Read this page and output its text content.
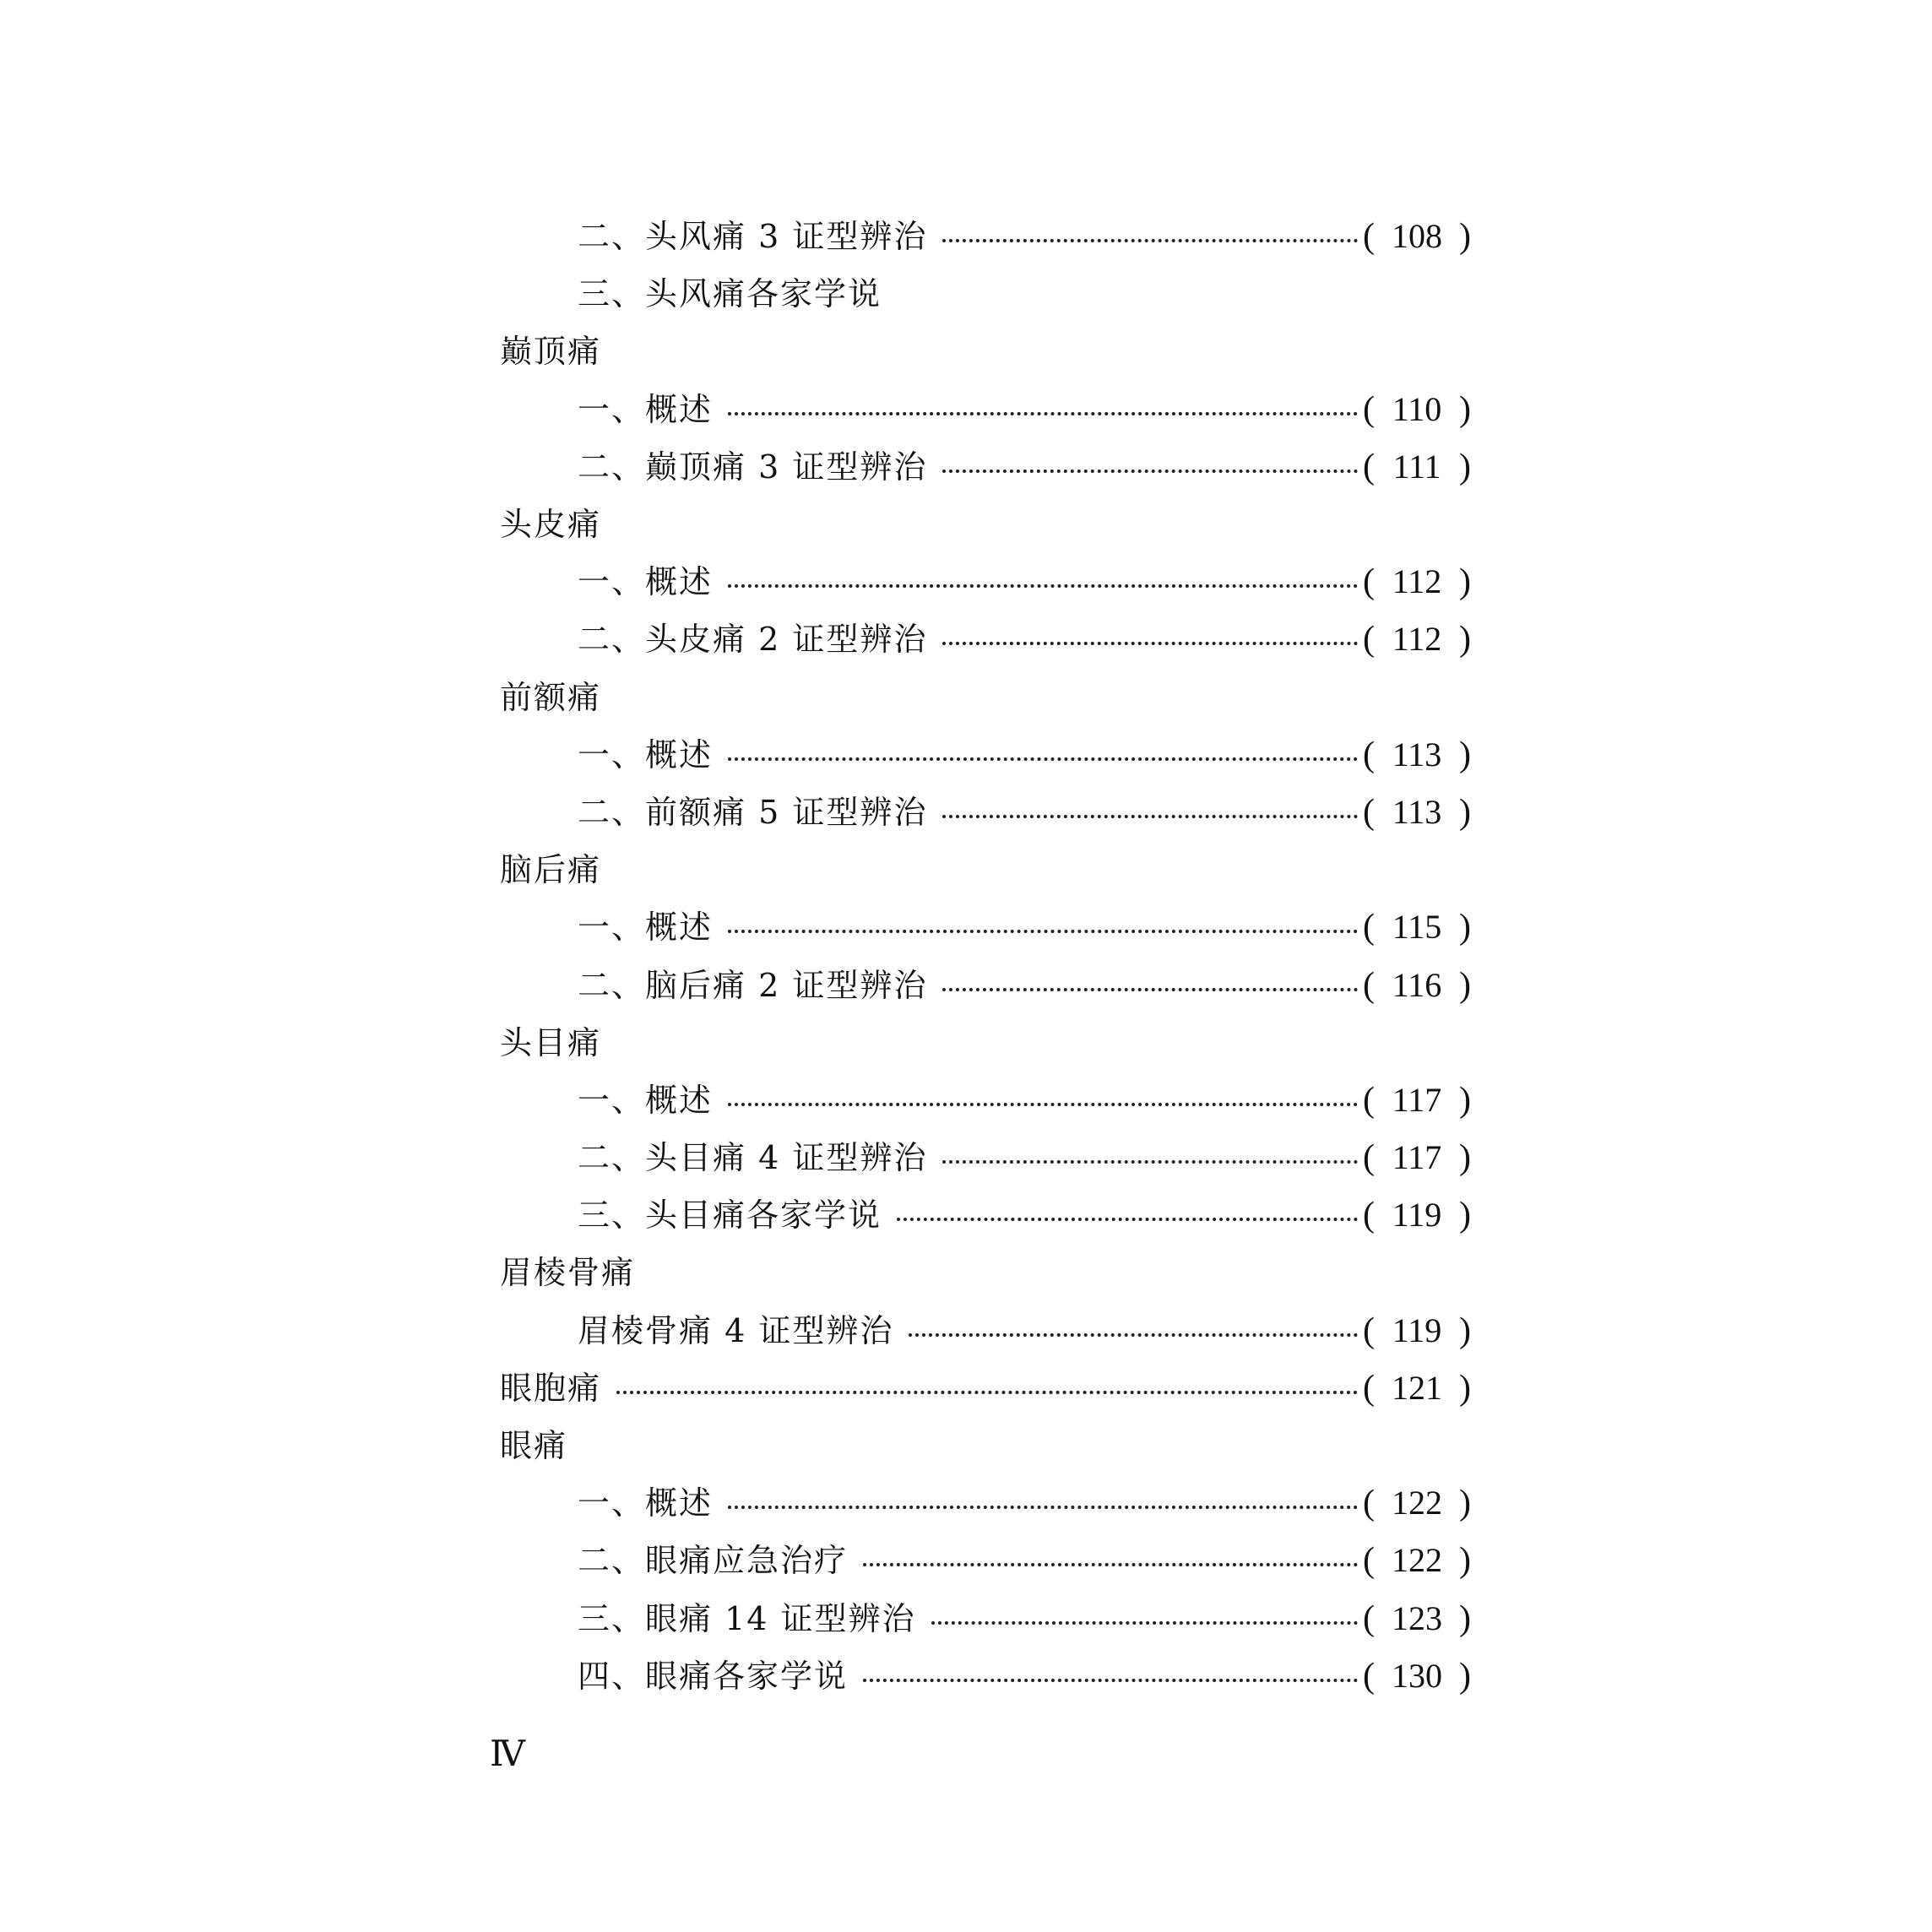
二、头风痛 3 证型辨治	( 108 )
三、头风痛各家学说
巅顶痛
一、概述	( 110 )
二、巅顶痛 3 证型辨治	( 111 )
头皮痛
一、概述	( 112 )
二、头皮痛 2 证型辨治	( 112 )
前额痛
一、概述	( 113 )
二、前额痛 5 证型辨治	( 113 )
脑后痛
一、概述	( 115 )
二、脑后痛 2 证型辨治	( 116 )
头目痛
一、概述	( 117 )
二、头目痛 4 证型辨治	( 117 )
三、头目痛各家学说	( 119 )
眉棱骨痛
眉棱骨痛 4 证型辨治	( 119 )
眼胞痛	( 121 )
眼痛
一、概述	( 122 )
二、眼痛应急治疗	( 122 )
三、眼痛 14 证型辨治	( 123 )
四、眼痛各家学说	( 130 )
Ⅳ
